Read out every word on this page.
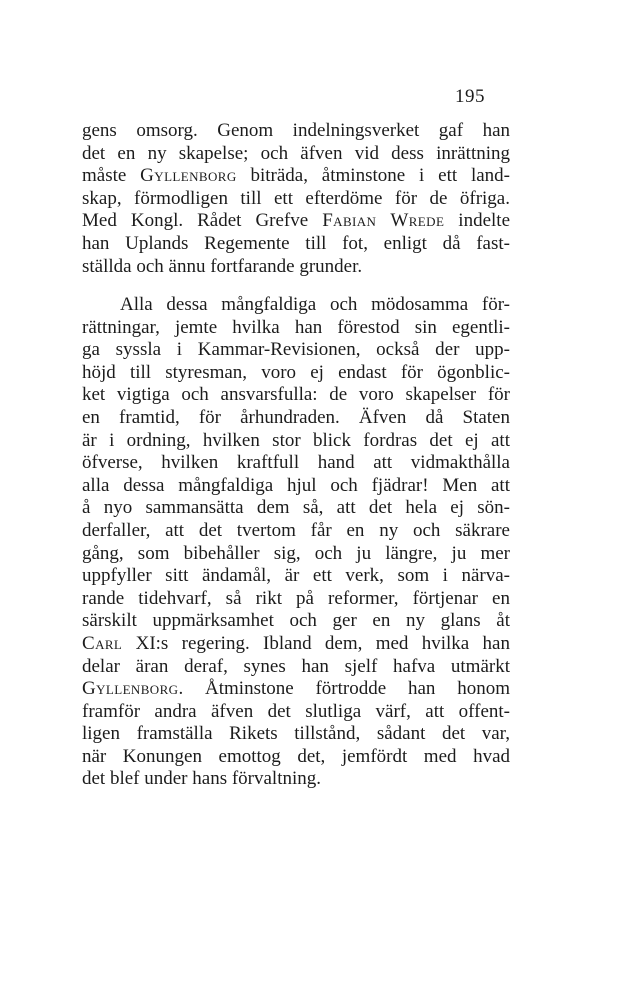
195
gens omsorg. Genom indelningsverket gaf han
det en ny skapelse; och äfven vid dess inrättning
måste Gyllenborg biträda, åtminstone i ett land-
skap, förmodligen till ett efterdöme för de öfriga.
Med Kongl. Rådet Grefve Fabian Wrede indelte
han Uplands Regemente till fot, enligt då fast-
ställda och ännu fortfarande grunder.
Alla dessa mångfaldiga och mödosamma för-
rättningar, jemte hvilka han förestod sin egentli-
ga syssla i Kammar-Revisionen, också der upp-
höjd till styresman, voro ej endast för ögonblic-
ket vigtiga och ansvarsfulla: de voro skapelser för
en framtid, för århundraden. Äfven då Staten
är i ordning, hvilken stor blick fordras det ej att
öfverse, hvilken kraftfull hand att vidmakthålla
alla dessa mångfaldiga hjul och fjädrar! Men att
å nyo sammansätta dem så, att det hela ej sön-
derfaller, att det tvertom får en ny och säkrare
gång, som bibehåller sig, och ju längre, ju mer
uppfyller sitt ändamål, är ett verk, som i närva-
rande tidehvarf, så rikt på reformer, förtjenar en
särskilt uppmärksamhet och ger en ny glans åt
Carl XI:s regering. Ibland dem, med hvilka han
delar äran deraf, synes han sjelf hafva utmärkt
Gyllenborg. Åtminstone förtrodde han honom
framför andra äfven det slutliga värf, att offent-
ligen framställa Rikets tillstånd, sådant det var,
när Konungen emottog det, jemfördt med hvad
det blef under hans förvaltning.
